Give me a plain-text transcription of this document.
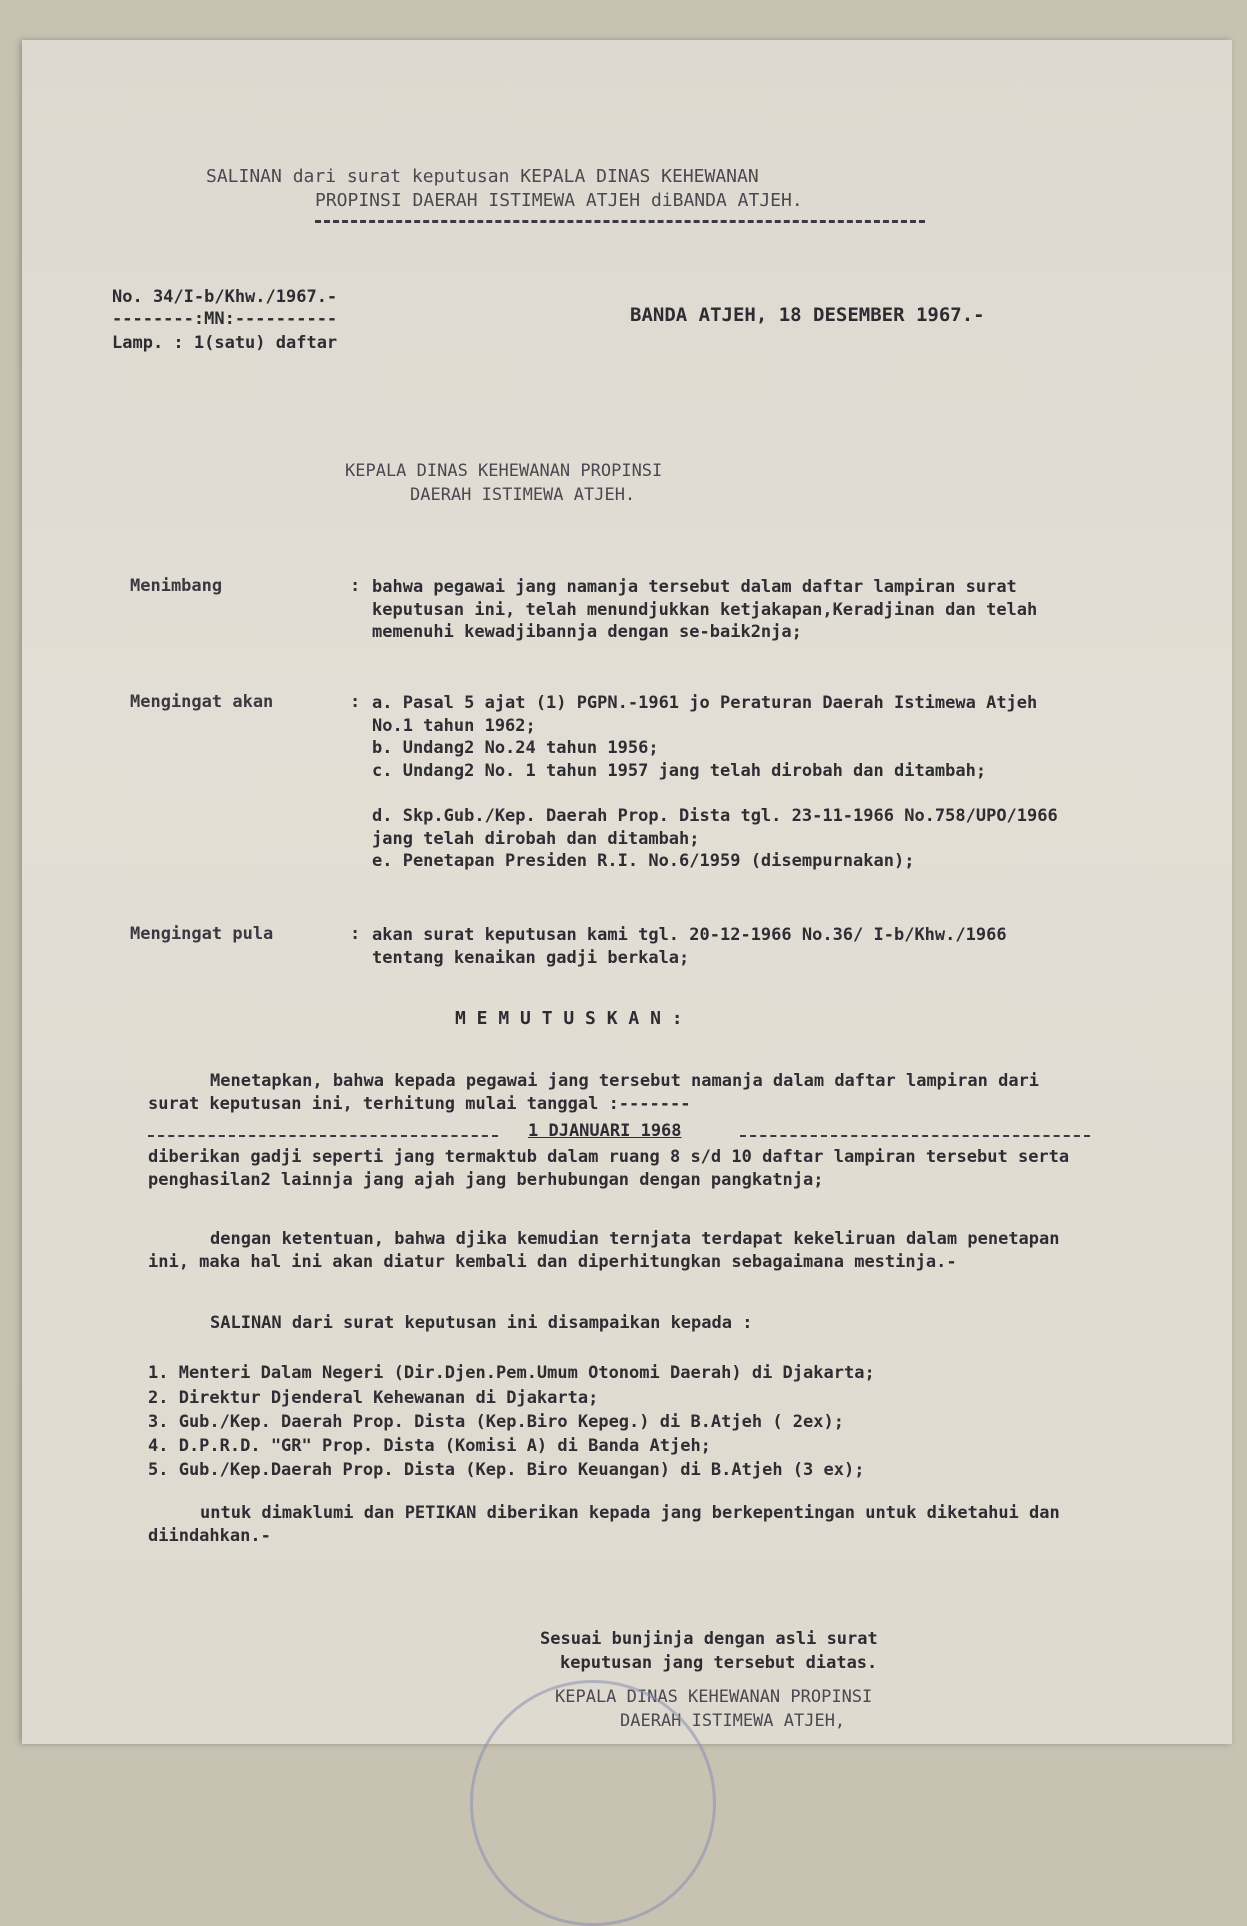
SALINAN dari surat keputusan KEPALA DINAS KEHEWANAN
PROPINSI DAERAH ISTIMEWA ATJEH diBANDA ATJEH.
No. 34/I-b/Khw./1967.-
--------:MN:----------
Lamp. : 1(satu) daftar
BANDA ATJEH, 18 DESEMBER 1967.-
KEPALA DINAS KEHEWANAN PROPINSI
DAERAH ISTIMEWA ATJEH.
Menimbang	: bahwa pegawai jang namanja tersebut dalam daftar lampiran surat keputusan ini, telah menundjukkan ketjakapan,Keradjinan dan telah memenuhi kewadjibannja dengan se-baik2nja;
Mengingat akan	: a. Pasal 5 ajat (1) PGPN.-1961 jo Peraturan Daerah Istimewa Atjeh No.1 tahun 1962;
b. Undang2 No.24 tahun 1956;
c. Undang2 No. 1 tahun 1957 jang telah dirobah dan ditambah;
d. Skp.Gub./Kep. Daerah Prop. Dista tgl. 23-11-1966 No.758/UPO/1966 jang telah dirobah dan ditambah;
e. Penetapan Presiden R.I. No.6/1959 (disempurnakan);
Mengingat pula	: akan surat keputusan kami tgl. 20-12-1966 No.36/ I-b/Khw./1966 tentang kenaikan gadji berkala;
M E M U T U S K A N :
Menetapkan, bahwa kepada pegawai jang tersebut namanja dalam daftar lampiran dari surat keputusan ini, terhitung mulai tanggal :-------
1 DJANUARI 1968
diberikan gadji seperti jang termaktub dalam ruang 8 s/d 10 daftar lampiran tersebut serta penghasilan2 lainnja jang ajah jang berhubungan dengan pangkatnja;
dengan ketentuan, bahwa djika kemudian ternjata terdapat kekeliruan dalam penetapan ini, maka hal ini akan diatur kembali dan diperhitungkan sebagaimana mestinja.-
SALINAN dari surat keputusan ini disampaikan kepada :
1. Menteri Dalam Negeri (Dir.Djen.Pem.Umum Otonomi Daerah) di Djakarta;
2. Direktur Djenderal Kehewanan di Djakarta;
3. Gub./Kep. Daerah Prop. Dista (Kep.Biro Kepeg.) di B.Atjeh ( 2ex);
4. D.P.R.D. "GR" Prop. Dista (Komisi A) di Banda Atjeh;
5. Gub./Kep.Daerah Prop. Dista (Kep. Biro Keuangan) di B.Atjeh (3 ex);
untuk dimaklumi dan PETIKAN diberikan kepada jang berkepentingan untuk diketahui dan diindahkan.-
Sesuai bunjinja dengan asli surat
keputusan jang tersebut diatas.
KEPALA DINAS KEHEWANAN PROPINSI
DAERAH ISTIMEWA ATJEH,
